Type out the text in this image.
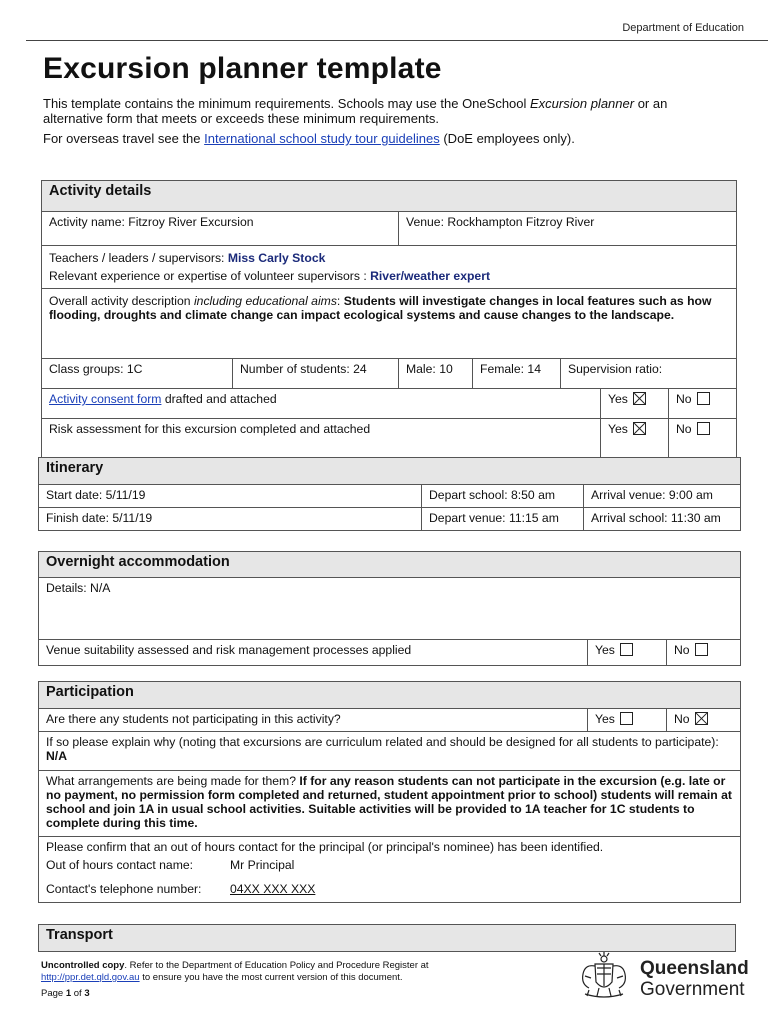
Department of Education
Excursion planner template

This template contains the minimum requirements. Schools may use the OneSchool Excursion planner or an alternative form that meets or exceeds these minimum requirements.

For overseas travel see the International school study tour guidelines (DoE employees only).

Activity details						
Activity name: Fitzroy River Excursion		Venue: Rockhampton Fitzroy River				

Teachers / leaders / supervisors: Miss Carly Stock
Relevant experience or expertise of volunteer supervisors : River/weather expert						

Overall activity description including educational aims: Students will investigate changes in local features such as how flooding, droughts and climate change can impact ecological systems and cause changes to the landscape.						
Class groups: 1C	Number of students: 24	Male: 10	Female: 14	Supervision ratio:		
Activity consent form drafted and attached					Yes	No
Risk assessment for this excursion completed and attached					Yes	No
Itinerary		
Start date: 5/11/19	Depart school: 8:50 am	Arrival venue: 9:00 am
Finish date: 5/11/19	Depart venue: 11:15 am	Arrival school: 11:30 am
Overnight accommodation
Details: N/A
Venue suitability assessed and risk management processes applied	Yes	No
Participation
Are there any students not participating in this activity?	Yes	No
If so please explain why (noting that excursions are curriculum related and should be designed for all students to participate): N/A
What arrangements are being made for them? If for any reason students can not participate in the excursion (e.g. late or no payment, no permission form completed and returned, student appointment prior to school) students will remain at school and join 1A in usual school activities. Suitable activities will be provided to 1A teacher for 1C students to complete during this time.

Please confirm that an out of hours contact for the principal (or principal's nominee) has been identified.
Out of hours contact name:	Mr Principal
Contact's telephone number: 04XX XXX XXX
Transport
Uncontrolled copy. Refer to the Department of Education Policy and Procedure Register at
http://ppr.det.qld.gov.au to ensure you have the most current version of this document.
Page 1 of 3
Queensland
Government
